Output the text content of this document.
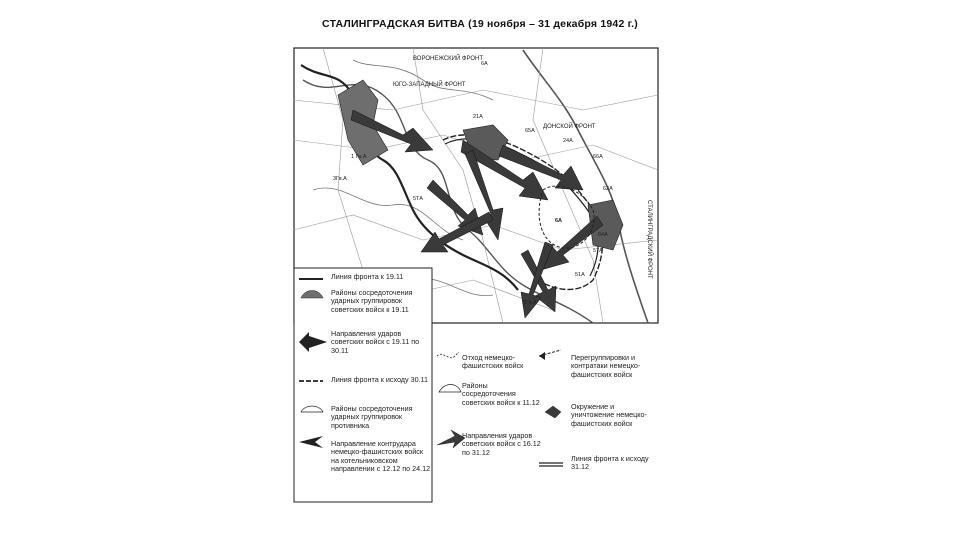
СТАЛИНГРАДСКАЯ БИТВА (19 ноября – 31 декабря 1942 г.)
ВОРОНЕЖСКИЙ ФРОНТ
ЮГО-ЗАПАДНЫЙ ФРОНТ
ДОНСКОЙ ФРОНТ
СТАЛИНГРАДСКИЙ ФРОНТ
6А
1 Гв.А
21А
65А
24А
66А
62А
64А
57А
51А
5ТА
2Гв.А
3Гв.А
6А
Линия фронта к 19.11
Районы сосредоточения ударных группировок советских войск к 19.11
Направления ударов советских войск с 19.11 по 30.11
Линия фронта к исходу 30.11
Районы сосредоточения ударных группировок противника
Направление контрудара немецко-фашистских войск на котельниковском направлении с 12.12 по 24.12
Отход немецко-фашистских войск
Районы сосредоточения советских войск к 11.12
Направления ударов советских войск с 16.12 по 31.12
Перегруппировки и контратаки немецко-фашистских войск
Окружение и уничтожение немецко-фашистских войск
Линия фронта к исходу 31.12
